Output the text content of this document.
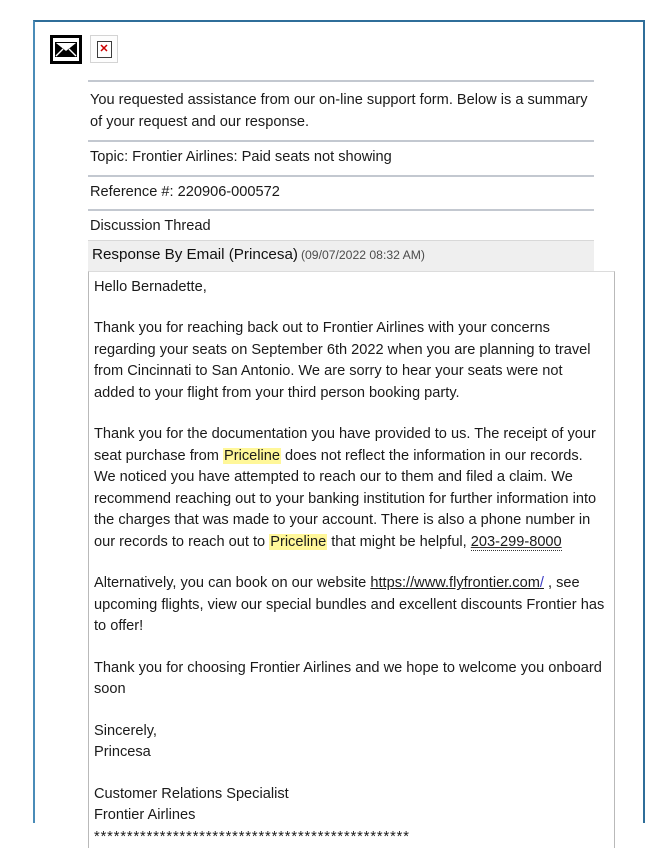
✕
You requested assistance from our on-line support form. Below is a summary of your request and our response.
Topic: Frontier Airlines: Paid seats not showing
Reference #: 220906-000572
Discussion Thread
Response By Email (Princesa) (09/07/2022 08:32 AM)

Hello Bernadette,

Thank you for reaching back out to Frontier Airlines with your concerns regarding your seats on September 6th 2022 when you are planning to travel from Cincinnati to San Antonio. We are sorry to hear your seats were not added to your flight from your third person booking party.

Thank you for the documentation you have provided to us. The receipt of your seat purchase from Priceline does not reflect the information in our records. We noticed you have attempted to reach our to them and filed a claim. We recommend reaching out to your banking institution for further information into the charges that was made to your account. There is also a phone number in our records to reach out to Priceline that might be helpful, 203-299-8000

Alternatively, you can book on our website https://www.flyfrontier.com/ , see upcoming flights, view our special bundles and excellent discounts Frontier has to offer!

Thank you for choosing Frontier Airlines and we hope to welcome you onboard soon

Sincerely,

Princesa

Customer Relations Specialist

Frontier Airlines

************************************************
